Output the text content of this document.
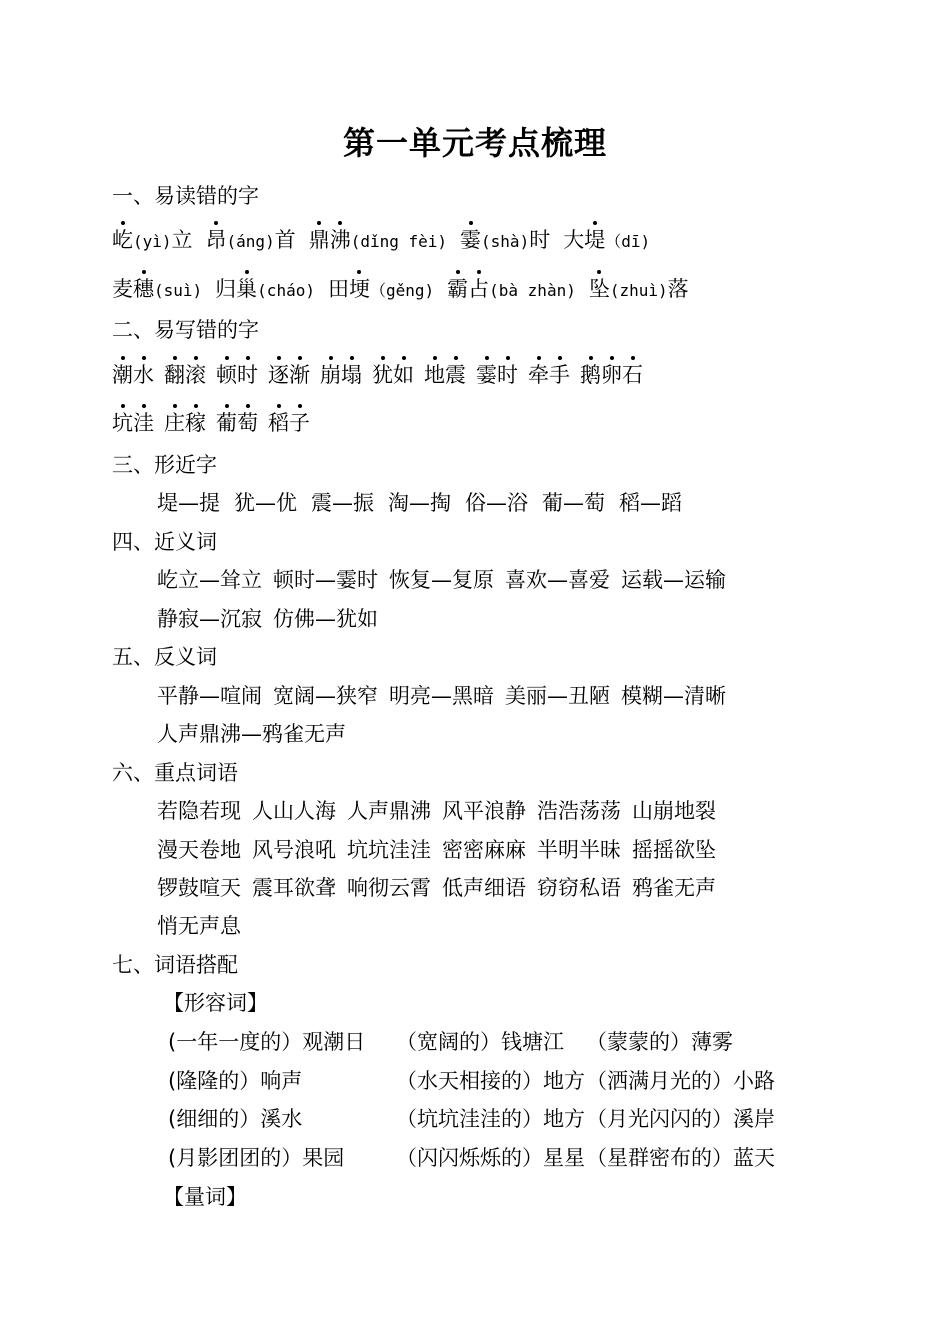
第一单元考点梳理
一、易读错的字
屹(yì)立 昂(áng)首 鼎沸(dǐng fèi) 霎(shà)时 大堤（dī)
麦穗(suì) 归巢(cháo) 田埂（gěng) 霸占(bà zhàn) 坠(zhuì)落
二、易写错的字
潮水 翻滚 顿时 逐渐 崩塌 犹如 地震 霎时 牵手 鹅卵石
坑洼 庄稼 葡萄 稻子
三、形近字
堤—提 犹—优 震—振 淘—掏 俗—浴 葡—萄 稻—蹈
四、近义词
屹立—耸立 顿时—霎时 恢复—复原 喜欢—喜爱 运载—运输
静寂—沉寂 仿佛—犹如
五、反义词
平静—喧闹 宽阔—狭窄 明亮—黑暗 美丽—丑陋 模糊—清晰
人声鼎沸—鸦雀无声
六、重点词语
若隐若现 人山人海 人声鼎沸 风平浪静 浩浩荡荡 山崩地裂
漫天卷地 风号浪吼 坑坑洼洼 密密麻麻 半明半昧 摇摇欲坠
锣鼓喧天 震耳欲聋 响彻云霄 低声细语 窃窃私语 鸦雀无声
悄无声息
七、词语搭配
【形容词】
(一年一度的）观潮日 （宽阔的）钱塘江 （蒙蒙的）薄雾
(隆隆的）响声	（水天相接的）地方 （洒满月光的）小路
(细细的）溪水	（坑坑洼洼的）地方 （月光闪闪的）溪岸
(月影团团的）果园 （闪闪烁烁的）星星 （星群密布的）蓝天
【量词】
